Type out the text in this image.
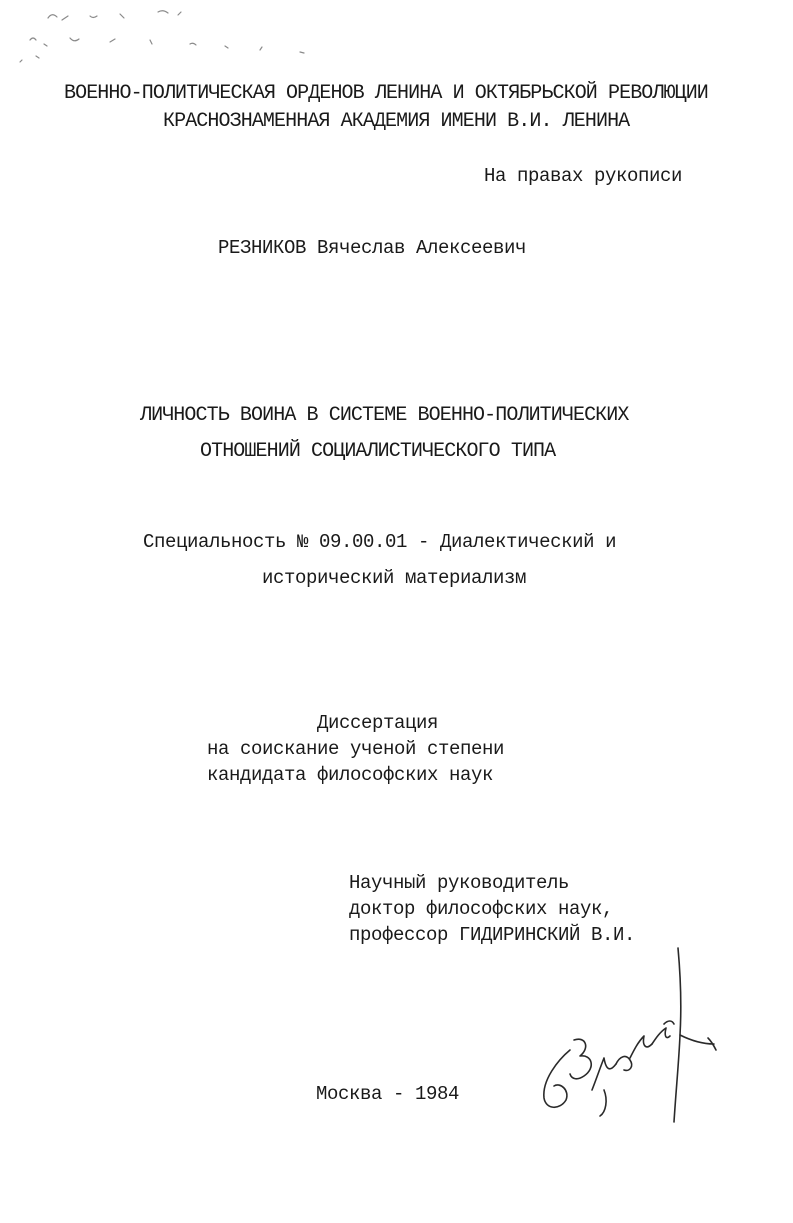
ВОЕННО-ПОЛИТИЧЕСКАЯ ОРДЕНОВ ЛЕНИНА И ОКТЯБРЬСКОЙ РЕВОЛЮЦИИ
КРАСНОЗНАМЕННАЯ АКАДЕМИЯ ИМЕНИ В.И. ЛЕНИНА
На правах рукописи
РЕЗНИКОВ Вячеслав Алексеевич
ЛИЧНОСТЬ ВОИНА В СИСТЕМЕ ВОЕННО-ПОЛИТИЧЕСКИХ
ОТНОШЕНИЙ СОЦИАЛИСТИЧЕСКОГО ТИПА
Специальность № 09.00.01 - Диалектический и
исторический материализм
Диссертация
на соискание ученой степени
кандидата философских наук
Научный руководитель
доктор философских наук,
профессор ГИДИРИНСКИЙ В.И.
Москва - 1984
